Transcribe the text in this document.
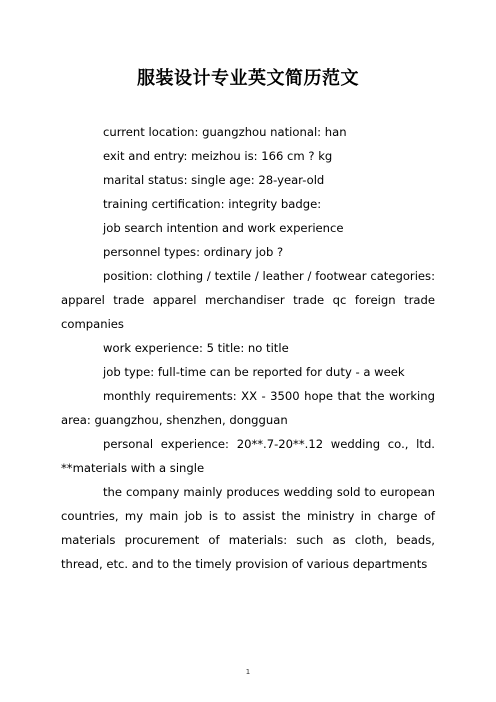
服装设计专业英文简历范文

current location: guangzhou national: han

exit and entry: meizhou is: 166 cm ? kg

marital status: single age: 28-year-old

training certification: integrity badge:

job search intention and work experience

personnel types: ordinary job ?

position: clothing / textile / leather / footwear categories: apparel trade apparel merchandiser trade qc foreign trade companies

work experience: 5 title: no title

job type: full-time can be reported for duty - a week

monthly requirements: XX - 3500 hope that the working area: guangzhou, shenzhen, dongguan

personal experience: 20**.7-20**.12 wedding co., ltd. **materials with a single

the company mainly produces wedding sold to european countries, my main job is to assist the ministry in charge of materials procurement of materials: such as cloth, beads, thread, etc. and to the timely provision of various departments

1
